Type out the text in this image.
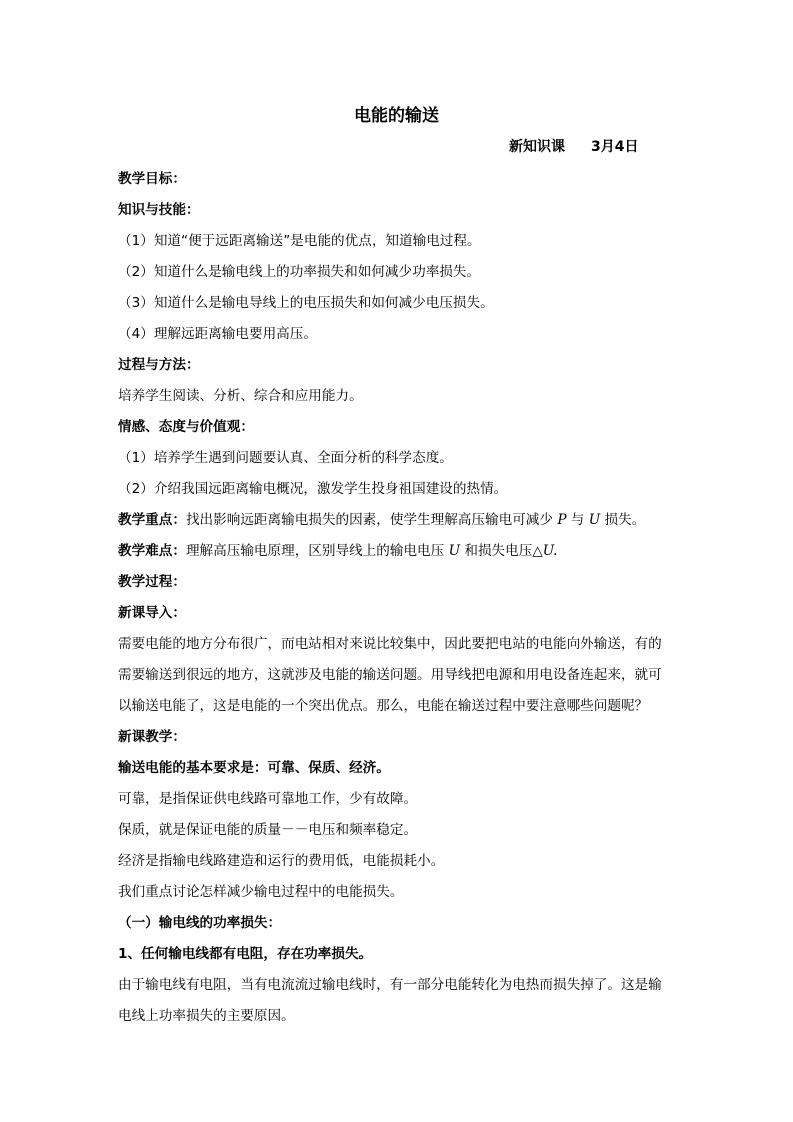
电能的输送
新知识课 3月4日
教学目标：
知识与技能：
（1）知道“便于远距离输送”是电能的优点，知道输电过程。
（2）知道什么是输电线上的功率损失和如何减少功率损失。
（3）知道什么是输电导线上的电压损失和如何减少电压损失。
（4）理解远距离输电要用高压。
过程与方法：
培养学生阅读、分析、综合和应用能力。
情感、态度与价值观：
（1）培养学生遇到问题要认真、全面分析的科学态度。
（2）介绍我国远距离输电概况，激发学生投身祖国建设的热情。
教学重点：找出影响远距离输电损失的因素，使学生理解高压输电可减少 P 与 U 损失。
教学难点：理解高压输电原理，区别导线上的输电电压 U 和损失电压△U.
教学过程：
新课导入：
需要电能的地方分布很广，而电站相对来说比较集中，因此要把电站的电能向外输送，有的
需要输送到很远的地方，这就涉及电能的输送问题。用导线把电源和用电设备连起来，就可
以输送电能了，这是电能的一个突出优点。那么，电能在输送过程中要注意哪些问题呢？
新课教学：
输送电能的基本要求是：可靠、保质、经济。
可靠，是指保证供电线路可靠地工作，少有故障。
保质，就是保证电能的质量－－电压和频率稳定。
经济是指输电线路建造和运行的费用低，电能损耗小。
我们重点讨论怎样减少输电过程中的电能损失。
（一）输电线的功率损失：
1、任何输电线都有电阻，存在功率损失。
由于输电线有电阻，当有电流流过输电线时，有一部分电能转化为电热而损失掉了。这是输
电线上功率损失的主要原因。
